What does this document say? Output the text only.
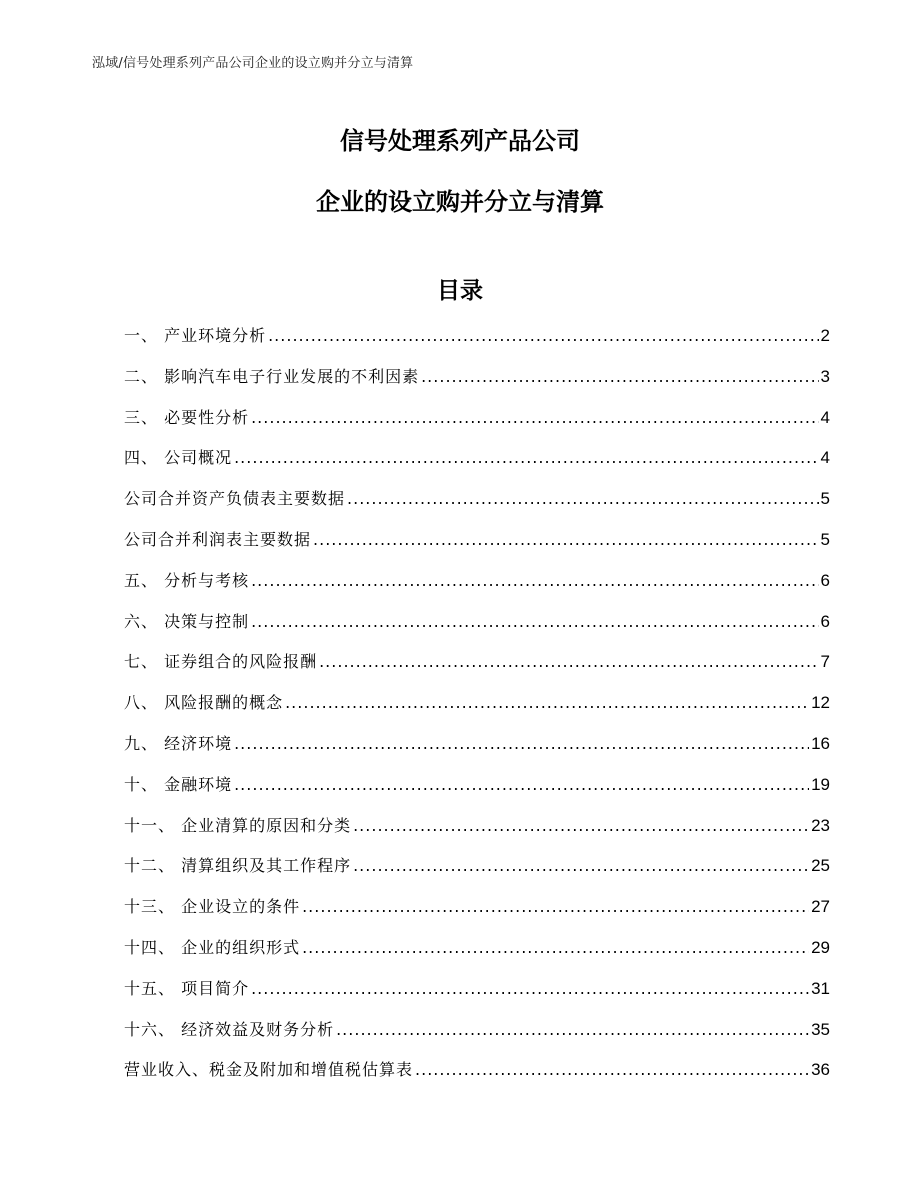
泓域/信号处理系列产品公司企业的设立购并分立与清算
信号处理系列产品公司
企业的设立购并分立与清算
目录
一、 产业环境分析 .....	2
二、 影响汽车电子行业发展的不利因素 .....	3
三、 必要性分析 .....	4
四、 公司概况 .....	4
公司合并资产负债表主要数据 .....	5
公司合并利润表主要数据 .....	5
五、 分析与考核 .....	6
六、 决策与控制 .....	6
七、 证券组合的风险报酬 .....	7
八、 风险报酬的概念 .....	12
九、 经济环境 .....	16
十、 金融环境 .....	19
十一、 企业清算的原因和分类 .....	23
十二、 清算组织及其工作程序 .....	25
十三、 企业设立的条件 .....	27
十四、 企业的组织形式 .....	29
十五、 项目简介 .....	31
十六、 经济效益及财务分析 .....	35
营业收入、税金及附加和增值税估算表 .....	36
